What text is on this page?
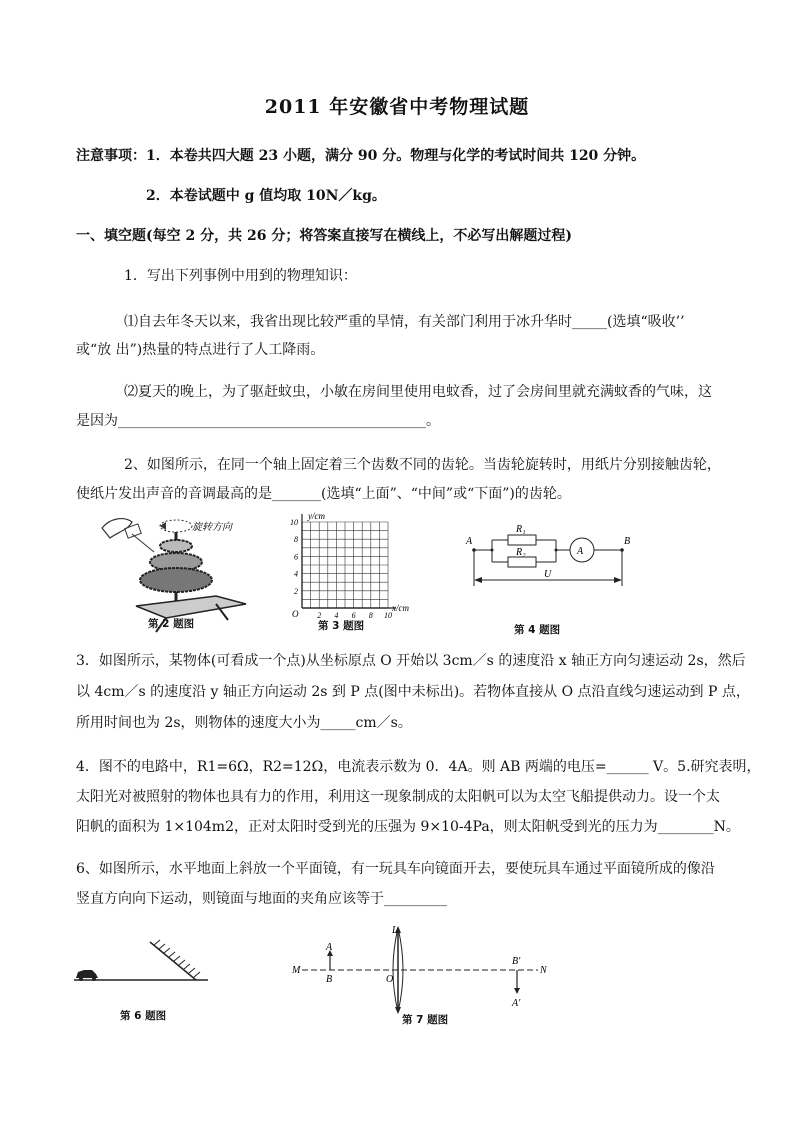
2011 年安徽省中考物理试题
注意事项：1．本卷共四大题 23 小题，满分 90 分。物理与化学的考试时间共 120 分钟。
2．本卷试题中 g 值均取 10N／kg。
一、填空题(每空 2 分，共 26 分；将答案直接写在横线上，不必写出解题过程)
1．写出下列事例中用到的物理知识：
⑴自去年冬天以来，我省出现比较严重的旱情，有关部门利用于冰升华时_____(选填“吸收’’
或“放 出”)热量的特点进行了人工降雨。
⑵夏天的晚上，为了驱赶蚊虫，小敏在房间里使用电蚊香，过了会房间里就充满蚊香的气味，这
是因为____________________________________________。
2、如图所示，在同一个轴上固定着三个齿数不同的齿轮。当齿轮旋转时，用纸片分别接触齿轮，
使纸片发出声音的音调最高的是_______(选填“上面”、“中间”或“下面”)的齿轮。
旋转方向
第 2 题图
y/cm
x/cm
O
10
8
6
4
2
2 4 6 8 10
第 3 题图
A	B
R₁
R₂	A
U
第 4 题图
3．如图所示，某物体(可看成一个点)从坐标原点 O 开始以 3cm／s 的速度沿 x 轴正方向匀速运动 2s，然后
以 4cm／s 的速度沿 y 轴正方向运动 2s 到 P 点(图中未标出)。若物体直接从 O 点沿直线匀速运动到 P 点，
所用时间也为 2s，则物体的速度大小为_____cm／s。
4．图不的电路中，R1=6Ω，R2=12Ω，电流表示数为 0．4A。则 AB 两端的电压=______ V。5.研究表明，
太阳光对被照射的物体也具有力的作用，利用这一现象制成的太阳帆可以为太空飞船提供动力。设一个太
阳帆的面积为 1×104m2，正对太阳时受到光的压强为 9×10-4Pa，则太阳帆受到光的压力为________N。
6、如图所示，水平地面上斜放一个平面镜，有一玩具车向镜面开去，要使玩具车通过平面镜所成的像沿
竖直方向向下运动，则镜面与地面的夹角应该等于_________
第 6 题图
L
M	N
O
A
B
B′
A′
第 7 题图
